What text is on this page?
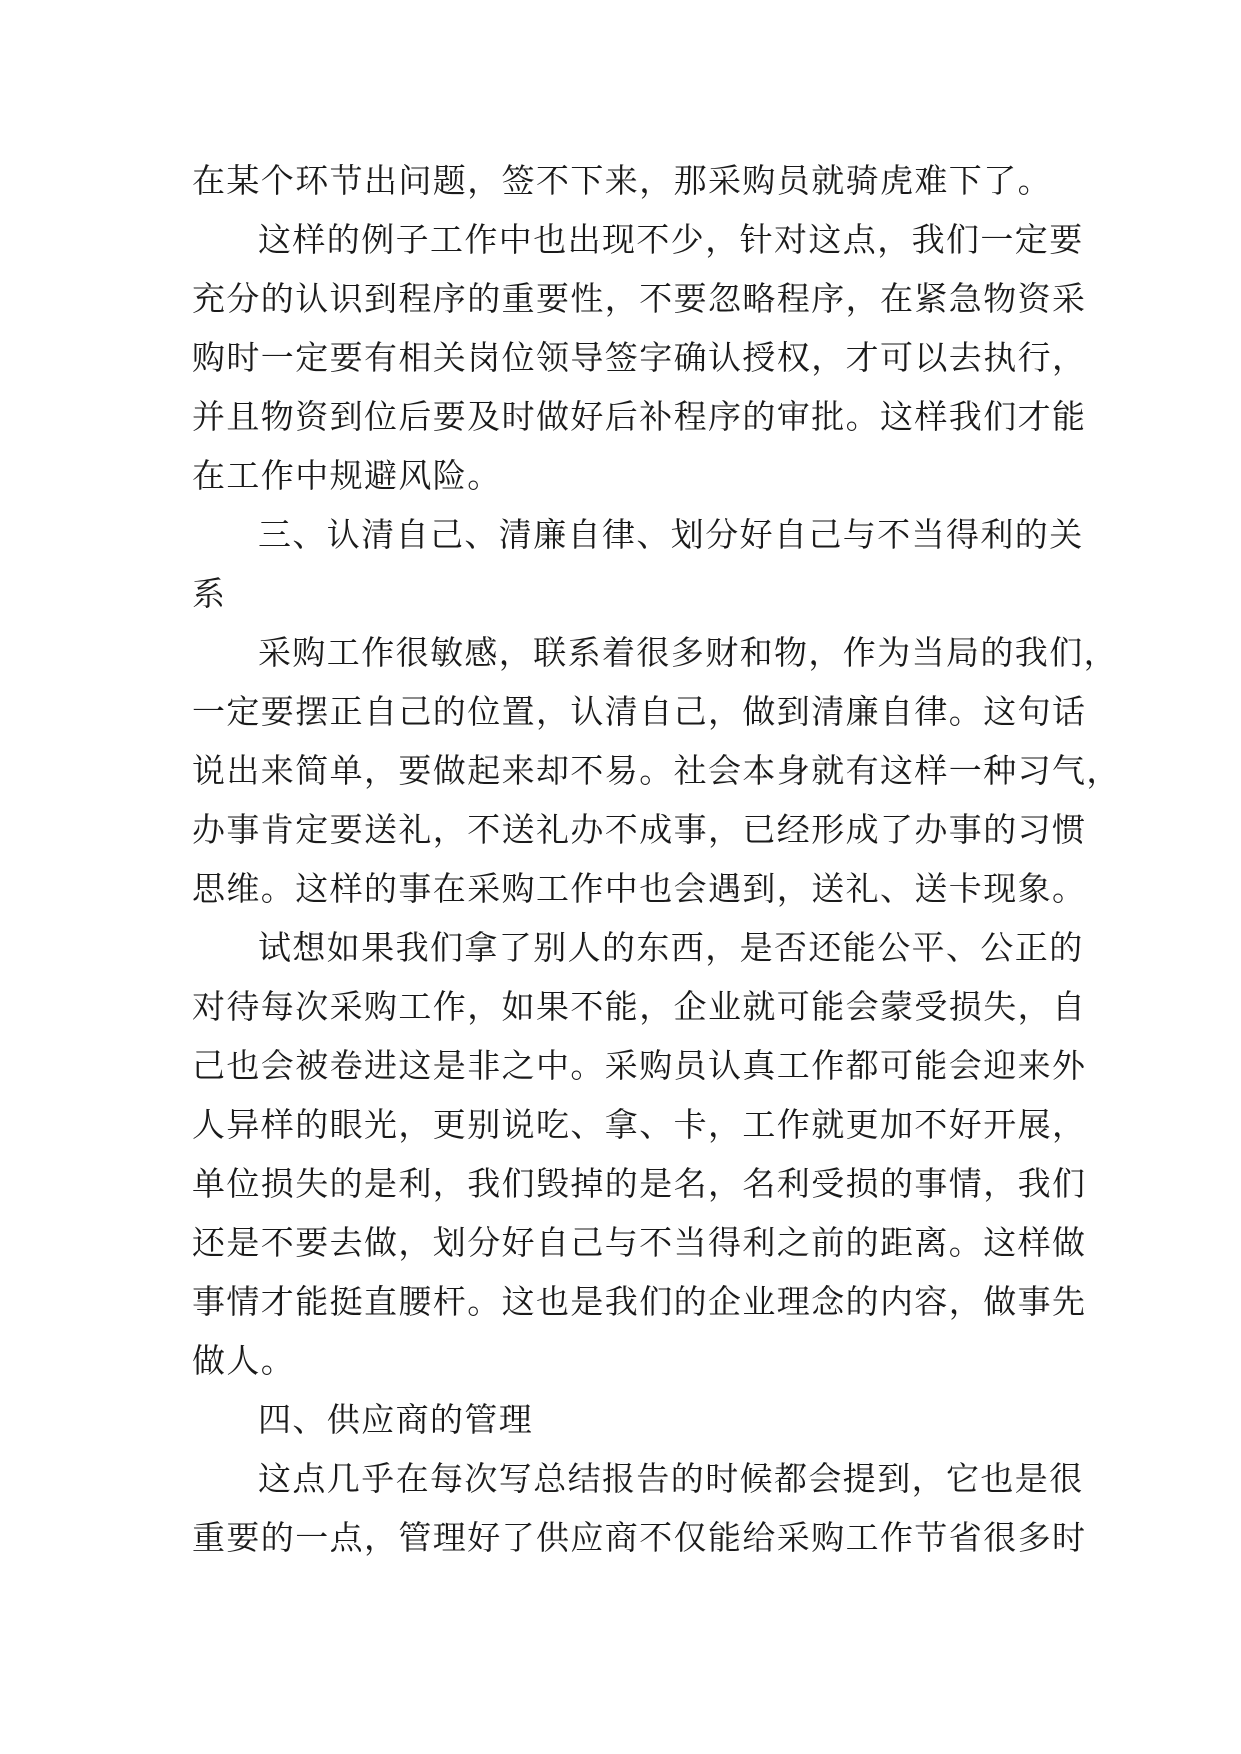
在某个环节出问题，签不下来，那采购员就骑虎难下了。
这样的例子工作中也出现不少，针对这点，我们一定要
充分的认识到程序的重要性，不要忽略程序，在紧急物资采
购时一定要有相关岗位领导签字确认授权，才可以去执行，
并且物资到位后要及时做好后补程序的审批。这样我们才能
在工作中规避风险。
三、认清自己、清廉自律、划分好自己与不当得利的关
系
采购工作很敏感，联系着很多财和物，作为当局的我们，
一定要摆正自己的位置，认清自己，做到清廉自律。这句话
说出来简单，要做起来却不易。社会本身就有这样一种习气，
办事肯定要送礼，不送礼办不成事，已经形成了办事的习惯
思维。这样的事在采购工作中也会遇到，送礼、送卡现象。
试想如果我们拿了别人的东西，是否还能公平、公正的
对待每次采购工作，如果不能，企业就可能会蒙受损失，自
己也会被卷进这是非之中。采购员认真工作都可能会迎来外
人异样的眼光，更别说吃、拿、卡，工作就更加不好开展，
单位损失的是利，我们毁掉的是名，名利受损的事情，我们
还是不要去做，划分好自己与不当得利之前的距离。这样做
事情才能挺直腰杆。这也是我们的企业理念的内容，做事先
做人。
四、供应商的管理
这点几乎在每次写总结报告的时候都会提到，它也是很
重要的一点，管理好了供应商不仅能给采购工作节省很多时
